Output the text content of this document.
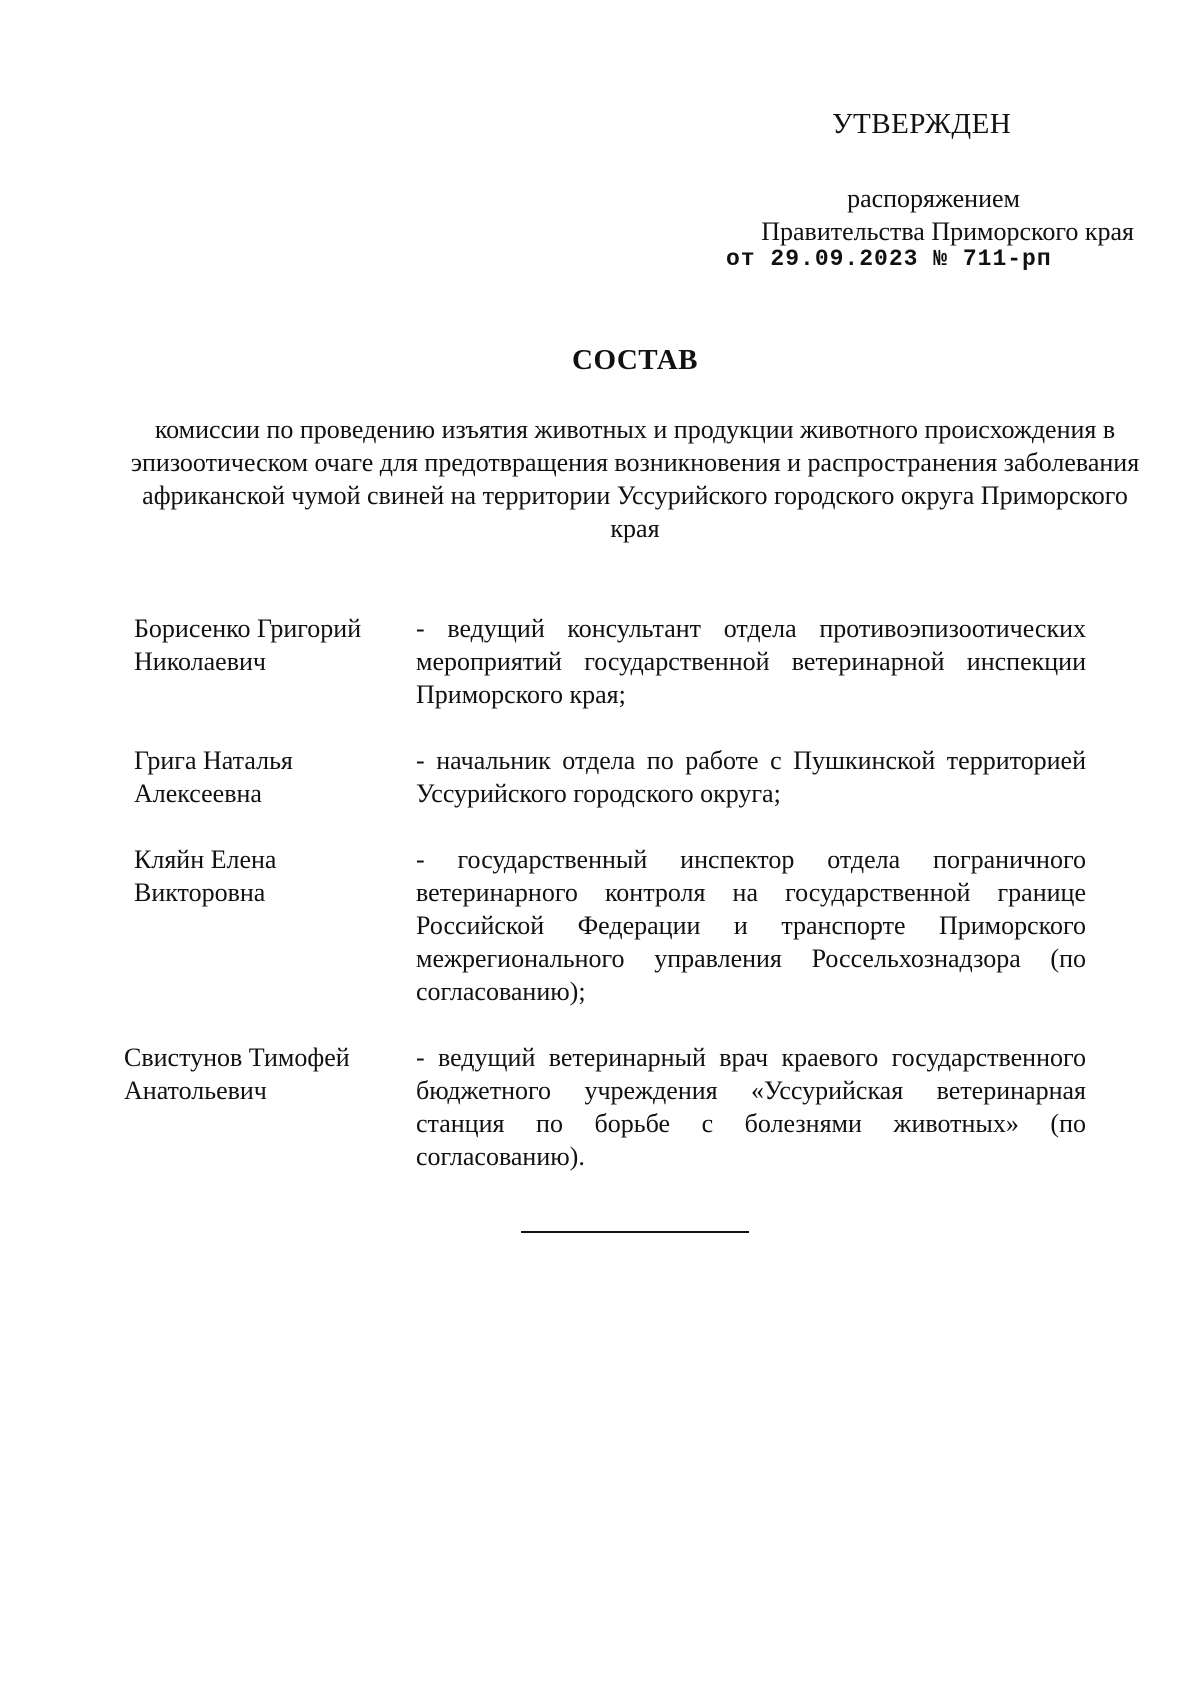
УТВЕРЖДЕН
распоряжением
Правительства Приморского края
от 29.09.2023 № 711-рп
СОСТАВ
комиссии по проведению изъятия животных и продукции животного происхождения в эпизоотическом очаге для предотвращения возникновения и распространения заболевания африканской чумой свиней на территории Уссурийского городского округа Приморского края
Борисенко Григорий
Николаевич
- ведущий консультант отдела противоэпизоотических мероприятий государственной ветеринарной инспекции Приморского края;
Грига Наталья
Алексеевна
- начальник отдела по работе с Пушкинской территорией Уссурийского городского округа;
Кляйн Елена
Викторовна
- государственный инспектор отдела пограничного ветеринарного контроля на государственной границе Российской Федерации и транспорте Приморского межрегионального управления Россельхознадзора (по согласованию);
Свистунов Тимофей
Анатольевич
- ведущий ветеринарный врач краевого государственного бюджетного учреждения «Уссурийская ветеринарная станция по борьбе с болезнями животных» (по согласованию).
